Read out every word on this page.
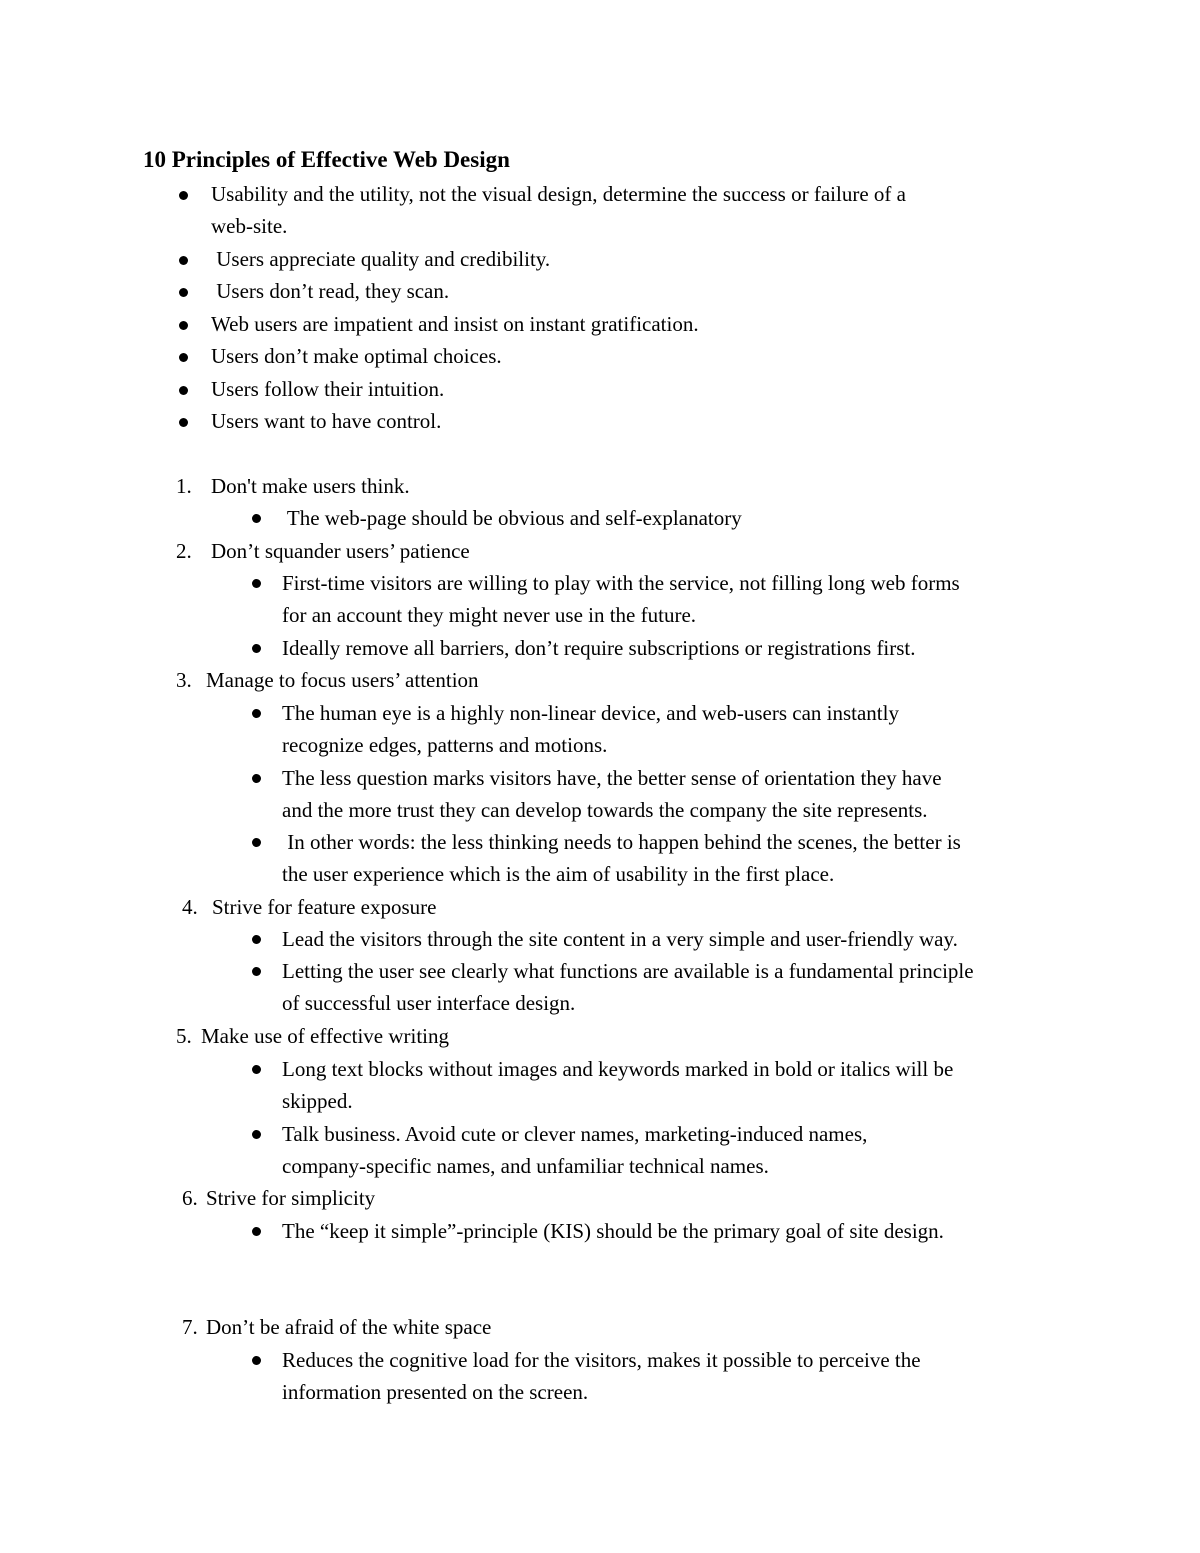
10 Principles of Effective Web Design
Usability and the utility, not the visual design, determine the success or failure of a
web-site.
Users appreciate quality and credibility.
Users don’t read, they scan.
Web users are impatient and insist on instant gratification.
Users don’t make optimal choices.
Users follow their intuition.
Users want to have control.
1. Don't make users think.
The web-page should be obvious and self-explanatory
2. Don’t squander users’ patience
First-time visitors are willing to play with the service, not filling long web forms
for an account they might never use in the future.
Ideally remove all barriers, don’t require subscriptions or registrations first.
3. Manage to focus users’ attention
The human eye is a highly non-linear device, and web-users can instantly
recognize edges, patterns and motions.
The less question marks visitors have, the better sense of orientation they have
and the more trust they can develop towards the company the site represents.
In other words: the less thinking needs to happen behind the scenes, the better is
the user experience which is the aim of usability in the first place.
4. Strive for feature exposure
Lead the visitors through the site content in a very simple and user-friendly way.
Letting the user see clearly what functions are available is a fundamental principle
of successful user interface design.
5. Make use of effective writing
Long text blocks without images and keywords marked in bold or italics will be
skipped.
Talk business. Avoid cute or clever names, marketing-induced names,
company-specific names, and unfamiliar technical names.
6. Strive for simplicity
The “keep it simple”-principle (KIS) should be the primary goal of site design.
7. Don’t be afraid of the white space
Reduces the cognitive load for the visitors, makes it possible to perceive the
information presented on the screen.
